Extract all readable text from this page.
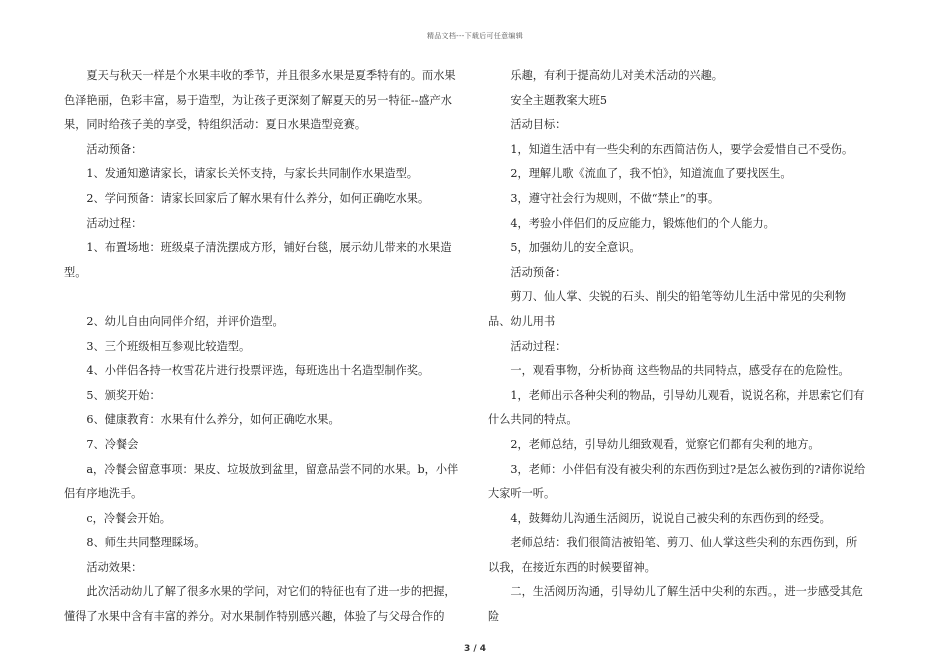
精品文档---下载后可任意编辑

夏天与秋天一样是个水果丰收的季节，并且很多水果是夏季特有的。而水果色泽艳丽，色彩丰富，易于造型，为让孩子更深刻了解夏天的另一特征--盛产水果，同时给孩子美的享受，特组织活动：夏日水果造型竞赛。

活动预备：

1、发通知邀请家长，请家长关怀支持，与家长共同制作水果造型。

2、学问预备：请家长回家后了解水果有什么养分，如何正确吃水果。

活动过程：

1、布置场地：班级桌子清洗摆成方形，铺好台毯，展示幼儿带来的水果造型。

2、幼儿自由向同伴介绍，并评价造型。

3、三个班级相互参观比较造型。

4、小伴侣各持一枚雪花片进行投票评选，每班选出十名造型制作奖。

5、颁奖开始：

6、健康教育：水果有什么养分，如何正确吃水果。

7、冷餐会

a，冷餐会留意事项：果皮、垃圾放到盆里，留意品尝不同的水果。b，小伴侣有序地洗手。

c，冷餐会开始。

8、师生共同整理睬场。

活动效果：

此次活动幼儿了解了很多水果的学问，对它们的特征也有了进一步的把握，懂得了水果中含有丰富的养分。对水果制作特别感兴趣，体验了与父母合作的

乐趣，有利于提高幼儿对美术活动的兴趣。

安全主题教案大班5

活动目标：

1，知道生活中有一些尖利的东西简洁伤人，要学会爱惜自己不受伤。

2，理解儿歌《流血了，我不怕》，知道流血了要找医生。

3，遵守社会行为规则，不做“禁止”的事。

4，考验小伴侣们的反应能力，锻炼他们的个人能力。

5，加强幼儿的安全意识。

活动预备：

剪刀、仙人掌、尖锐的石头、削尖的铅笔等幼儿生活中常见的尖利物品、幼儿用书

活动过程：

一，观看事物，分析协商 这些物品的共同特点，感受存在的危险性。

1，老师出示各种尖利的物品，引导幼儿观看，说说名称，并思索它们有什么共同的特点。

2，老师总结，引导幼儿细致观看，觉察它们都有尖利的地方。

3，老师：小伴侣有没有被尖利的东西伤到过?是怎么被伤到的?请你说给大家听一听。

4，鼓舞幼儿沟通生活阅历，说说自己被尖利的东西伤到的经受。

老师总结：我们很简洁被铅笔、剪刀、仙人掌这些尖利的东西伤到，所以我，在接近东西的时候要留神。

二，生活阅历沟通，引导幼儿了解生活中尖利的东西。，进一步感受其危险

3 / 4
